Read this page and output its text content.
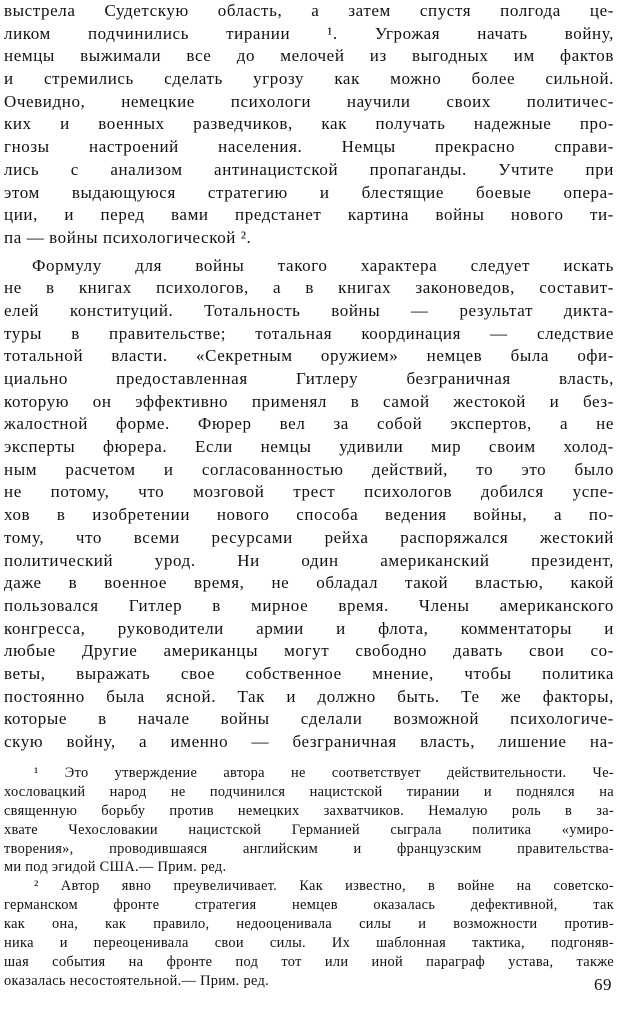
выстрела Судетскую область, а затем спустя полгода це-
ликом подчинились тирании ¹. Угрожая начать войну,
немцы выжимали все до мелочей из выгодных им фактов
и стремились сделать угрозу как можно более сильной.
Очевидно, немецкие психологи научили своих политичес-
ких и военных разведчиков, как получать надежные про-
гнозы настроений населения. Немцы прекрасно справи-
лись с анализом антинацистской пропаганды. Учтите при
этом выдающуюся стратегию и блестящие боевые опера-
ции, и перед вами предстанет картина войны нового ти-
па — войны психологической ².
Формулу для войны такого характера следует искать
не в книгах психологов, а в книгах законоведов, составит-
елей конституций. Тотальность войны — результат дикта-
туры в правительстве; тотальная координация — следствие
тотальной власти. «Секретным оружием» немцев была офи-
циально предоставленная Гитлеру безграничная власть,
которую он эффективно применял в самой жестокой и без-
жалостной форме. Фюрер вел за собой экспертов, а не
эксперты фюрера. Если немцы удивили мир своим холод-
ным расчетом и согласованностью действий, то это было
не потому, что мозговой трест психологов добился успе-
хов в изобретении нового способа ведения войны, а по-
тому, что всеми ресурсами рейха распоряжался жестокий
политический урод. Ни один американский президент,
даже в военное время, не обладал такой властью, какой
пользовался Гитлер в мирное время. Члены американского
конгресса, руководители армии и флота, комментаторы и
любые Другие американцы могут свободно давать свои со-
веты, выражать свое собственное мнение, чтобы политика
постоянно была ясной. Так и должно быть. Те же факторы,
которые в начале войны сделали возможной психологиче-
скую войну, а именно — безграничная власть, лишение на-
¹ Это утверждение автора не соответствует действительности. Че-
хословацкий народ не подчинился нацистской тирании и поднялся на
священную борьбу против немецких захватчиков. Немалую роль в за-
хвате Чехословакии нацистской Германией сыграла политика «умиро-
творения», проводившаяся английским и французским правительства-
ми под эгидой США.— Прим. ред.
² Автор явно преувеличивает. Как известно, в войне на советско-
германском фронте стратегия немцев оказалась дефективной, так
как она, как правило, недооценивала силы и возможности против-
ника и переоценивала свои силы. Их шаблонная тактика, подгоняв-
шая события на фронте под тот или иной параграф устава, также
оказалась несостоятельной.— Прим. ред.	69
